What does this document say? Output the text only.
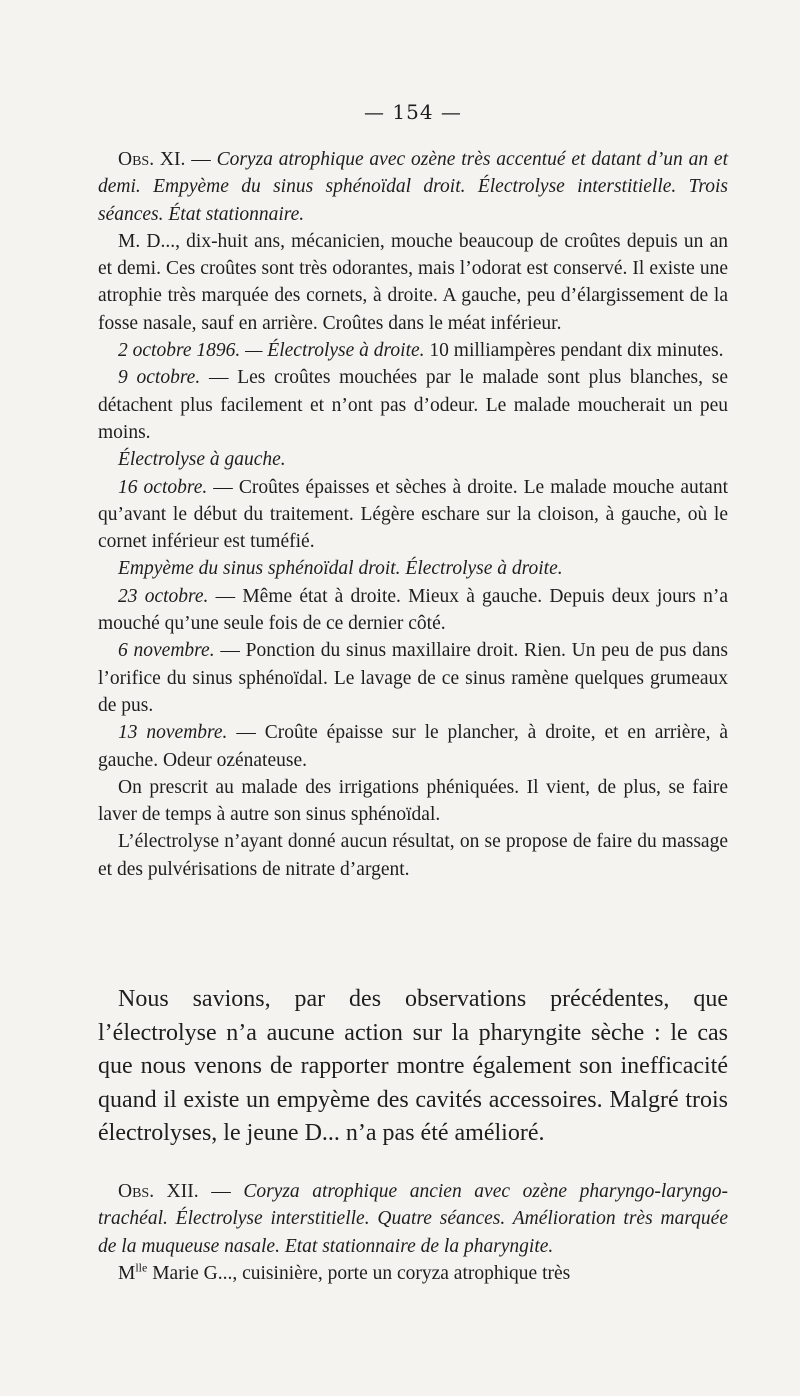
— 154 —

Obs. XI. — Coryza atrophique avec ozène très accentué et datant d’un an et demi. Empyème du sinus sphénoïdal droit. Électrolyse interstitielle. Trois séances. État stationnaire.

M. D..., dix-huit ans, mécanicien, mouche beaucoup de croûtes depuis un an et demi. Ces croûtes sont très odorantes, mais l’odorat est conservé. Il existe une atrophie très marquée des cornets, à droite. A gauche, peu d’élargissement de la fosse nasale, sauf en arrière. Croûtes dans le méat inférieur.

2 octobre 1896. — Électrolyse à droite. 10 milliampères pendant dix minutes.

9 octobre. — Les croûtes mouchées par le malade sont plus blanches, se détachent plus facilement et n’ont pas d’odeur. Le malade moucherait un peu moins.

Électrolyse à gauche.

16 octobre. — Croûtes épaisses et sèches à droite. Le malade mouche autant qu’avant le début du traitement. Légère eschare sur la cloison, à gauche, où le cornet inférieur est tuméfié.

Empyème du sinus sphénoïdal droit. Électrolyse à droite.

23 octobre. — Même état à droite. Mieux à gauche. Depuis deux jours n’a mouché qu’une seule fois de ce dernier côté.

6 novembre. — Ponction du sinus maxillaire droit. Rien. Un peu de pus dans l’orifice du sinus sphénoïdal. Le lavage de ce sinus ramène quelques grumeaux de pus.

13 novembre. — Croûte épaisse sur le plancher, à droite, et en arrière, à gauche. Odeur ozénateuse.

On prescrit au malade des irrigations phéniquées. Il vient, de plus, se faire laver de temps à autre son sinus sphénoïdal.

L’électrolyse n’ayant donné aucun résultat, on se propose de faire du massage et des pulvérisations de nitrate d’argent.

Nous savions, par des observations précédentes, que l’électrolyse n’a aucune action sur la pharyngite sèche : le cas que nous venons de rapporter montre également son inefficacité quand il existe un empyème des cavités accessoires. Malgré trois électrolyses, le jeune D... n’a pas été amélioré.

Obs. XII. — Coryza atrophique ancien avec ozène pharyngo-laryngo-trachéal. Électrolyse interstitielle. Quatre séances. Amélioration très marquée de la muqueuse nasale. Etat stationnaire de la pharyngite.

$M^{lle}$ Marie G..., cuisinière, porte un coryza atrophique très
